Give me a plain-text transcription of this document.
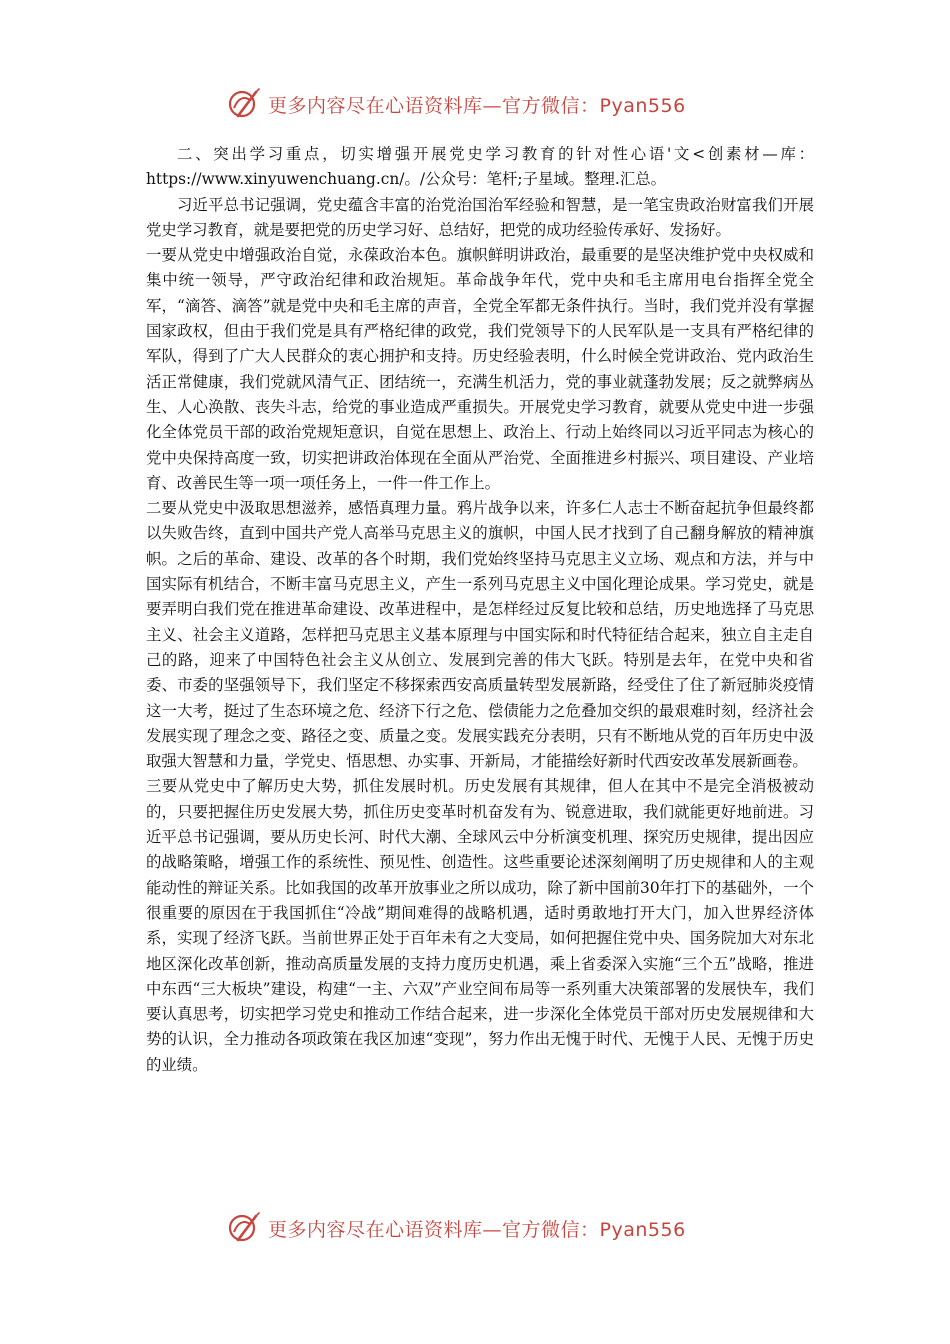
更多内容尽在心语资料库—官方微信：Pyan556

二、突出学习重点，切实增强开展党史学习教育的针对性心语'文<创素材—库：https://www.xinyuwenchuang.cn/。/公众号：笔杆;子星域。整理.汇总。

习近平总书记强调，党史蕴含丰富的治党治国治军经验和智慧，是一笔宝贵政治财富我们开展党史学习教育，就是要把党的历史学习好、总结好，把党的成功经验传承好、发扬好。

一要从党史中增强政治自觉，永葆政治本色。旗帜鲜明讲政治，最重要的是坚决维护党中央权威和集中统一领导，严守政治纪律和政治规矩。革命战争年代，党中央和毛主席用电台指挥全党全军，“滴答、滴答”就是党中央和毛主席的声音，全党全军都无条件执行。当时，我们党并没有掌握国家政权，但由于我们党是具有严格纪律的政党，我们党领导下的人民军队是一支具有严格纪律的军队，得到了广大人民群众的衷心拥护和支持。历史经验表明，什么时候全党讲政治、党内政治生活正常健康，我们党就风清气正、团结统一，充满生机活力，党的事业就蓬勃发展；反之就弊病丛生、人心涣散、丧失斗志，给党的事业造成严重损失。开展党史学习教育，就要从党史中进一步强化全体党员干部的政治党规矩意识，自觉在思想上、政治上、行动上始终同以习近平同志为核心的党中央保持高度一致，切实把讲政治体现在全面从严治党、全面推进乡村振兴、项目建设、产业培育、改善民生等一项一项任务上，一件一件工作上。

二要从党史中汲取思想滋养，感悟真理力量。鸦片战争以来，许多仁人志士不断奋起抗争但最终都以失败告终，直到中国共产党人高举马克思主义的旗帜，中国人民才找到了自己翻身解放的精神旗帜。之后的革命、建设、改革的各个时期，我们党始终坚持马克思主义立场、观点和方法，并与中国实际有机结合，不断丰富马克思主义，产生一系列马克思主义中国化理论成果。学习党史，就是要弄明白我们党在推进革命建设、改革进程中，是怎样经过反复比较和总结，历史地选择了马克思主义、社会主义道路，怎样把马克思主义基本原理与中国实际和时代特征结合起来，独立自主走自己的路，迎来了中国特色社会主义从创立、发展到完善的伟大飞跃。特别是去年，在党中央和省委、市委的坚强领导下，我们坚定不移探索西安高质量转型发展新路，经受住了住了新冠肺炎疫情这一大考，挺过了生态环境之危、经济下行之危、偿债能力之危叠加交织的最艰难时刻，经济社会发展实现了理念之变、路径之变、质量之变。发展实践充分表明，只有不断地从党的百年历史中汲取强大智慧和力量，学党史、悟思想、办实事、开新局，才能描绘好新时代西安改革发展新画卷。

三要从党史中了解历史大势，抓住发展时机。历史发展有其规律，但人在其中不是完全消极被动的，只要把握住历史发展大势，抓住历史变革时机奋发有为、锐意进取，我们就能更好地前进。习近平总书记强调，要从历史长河、时代大潮、全球风云中分析演变机理、探究历史规律，提出因应的战略策略，增强工作的系统性、预见性、创造性。这些重要论述深刻阐明了历史规律和人的主观能动性的辩证关系。比如我国的改革开放事业之所以成功，除了新中国前30年打下的基础外，一个很重要的原因在于我国抓住“冷战”期间难得的战略机遇，适时勇敢地打开大门，加入世界经济体系，实现了经济飞跃。当前世界正处于百年未有之大变局，如何把握住党中央、国务院加大对东北地区深化改革创新，推动高质量发展的支持力度历史机遇，乘上省委深入实施“三个五”战略，推进中东西“三大板块”建设，构建“一主、六双”产业空间布局等一系列重大决策部署的发展快车，我们要认真思考，切实把学习党史和推动工作结合起来，进一步深化全体党员干部对历史发展规律和大势的认识，全力推动各项政策在我区加速“变现”，努力作出无愧于时代、无愧于人民、无愧于历史的业绩。

更多内容尽在心语资料库—官方微信：Pyan556
